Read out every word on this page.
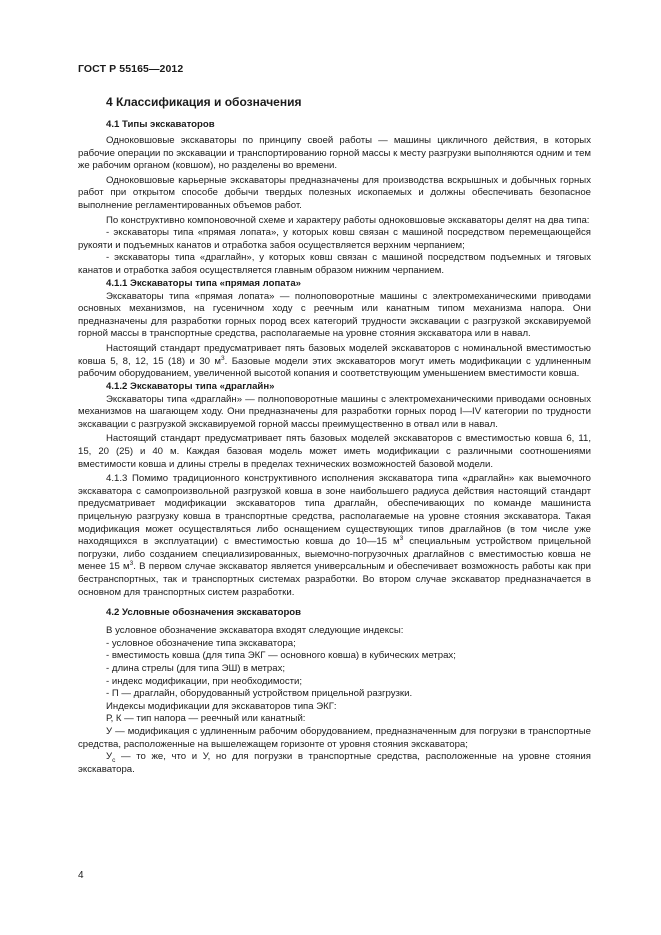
ГОСТ Р 55165—2012
4 Классификация и обозначения
4.1 Типы экскаваторов

Одноковшовые экскаваторы по принципу своей работы — машины цикличного действия, в которых рабочие операции по экскавации и транспортированию горной массы к месту разгрузки выполняются одним и тем же рабочим органом (ковшом), но разделены во времени.

Одноковшовые карьерные экскаваторы предназначены для производства вскрышных и добычных горных работ при открытом способе добычи твердых полезных ископаемых и должны обеспечивать безопасное выполнение регламентированных объемов работ.

По конструктивно компоновочной схеме и характеру работы одноковшовые экскаваторы делят на два типа:

- экскаваторы типа «прямая лопата», у которых ковш связан с машиной посредством перемещающейся рукояти и подъемных канатов и отработка забоя осуществляется верхним черпанием;

- экскаваторы типа «драглайн», у которых ковш связан с машиной посредством подъемных и тяговых канатов и отработка забоя осуществляется главным образом нижним черпанием.

4.1.1 Экскаваторы типа «прямая лопата»

Экскаваторы типа «прямая лопата» — полноповоротные машины с электромеханическими приводами основных механизмов, на гусеничном ходу с реечным или канатным типом механизма напора. Они предназначены для разработки горных пород всех категорий трудности экскавации с разгрузкой экскавируемой горной массы в транспортные средства, располагаемые на уровне стояния экскаватора или в навал.

Настоящий стандарт предусматривает пять базовых моделей экскаваторов с номинальной вместимостью ковша 5, 8, 12, 15 (18) и 30 $м^3$. Базовые модели этих экскаваторов могут иметь модификации с удлиненным рабочим оборудованием, увеличенной высотой копания и соответствующим уменьшением вместимости ковша.

4.1.2 Экскаваторы типа «драглайн»

Экскаваторы типа «драглайн» — полноповоротные машины с электромеханическими приводами основных механизмов на шагающем ходу. Они предназначены для разработки горных пород I—IV категории по трудности экскавации с разгрузкой экскавируемой горной массы преимущественно в отвал или в навал.

Настоящий стандарт предусматривает пять базовых моделей экскаваторов с вместимостью ковша 6, 11, 15, 20 (25) и 40 м. Каждая базовая модель может иметь модификации с различными соотношениями вместимости ковша и длины стрелы в пределах технических возможностей базовой модели.

4.1.3 Помимо традиционного конструктивного исполнения экскаватора типа «драглайн» как выемочного экскаватора с самопроизвольной разгрузкой ковша в зоне наибольшего радиуса действия настоящий стандарт предусматривает модификации экскаваторов типа драглайн, обеспечивающих по команде машиниста прицельную разгрузку ковша в транспортные средства, располагаемые на уровне стояния экскаватора. Такая модификация может осуществляться либо оснащением существующих типов драглайнов (в том числе уже находящихся в эксплуатации) с вместимостью ковша до 10—15 $м^3$ специальным устройством прицельной погрузки, либо созданием специализированных, выемочно-погрузочных драглайнов с вместимостью ковша не менее 15 $м^3$. В первом случае экскаватор является универсальным и обеспечивает возможность работы как при бестранспортных, так и транспортных системах разработки. Во втором случае экскаватор предназначается в основном для транспортных систем разработки.

4.2 Условные обозначения экскаваторов

В условное обозначение экскаватора входят следующие индексы:

- условное обозначение типа экскаватора;

- вместимость ковша (для типа ЭКГ — основного ковша) в кубических метрах;

- длина стрелы (для типа ЭШ) в метрах;

- индекс модификации, при необходимости;

- П — драглайн, оборудованный устройством прицельной разгрузки.

Индексы модификации для экскаваторов типа ЭКГ:

Р, К — тип напора — реечный или канатный:

У — модификация с удлиненным рабочим оборудованием, предназначенным для погрузки в транспортные средства, расположенные на вышележащем горизонте от уровня стояния экскаватора;

$У_с$ — то же, что и У, но для погрузки в транспортные средства, расположенные на уровне стояния экскаватора.

4
